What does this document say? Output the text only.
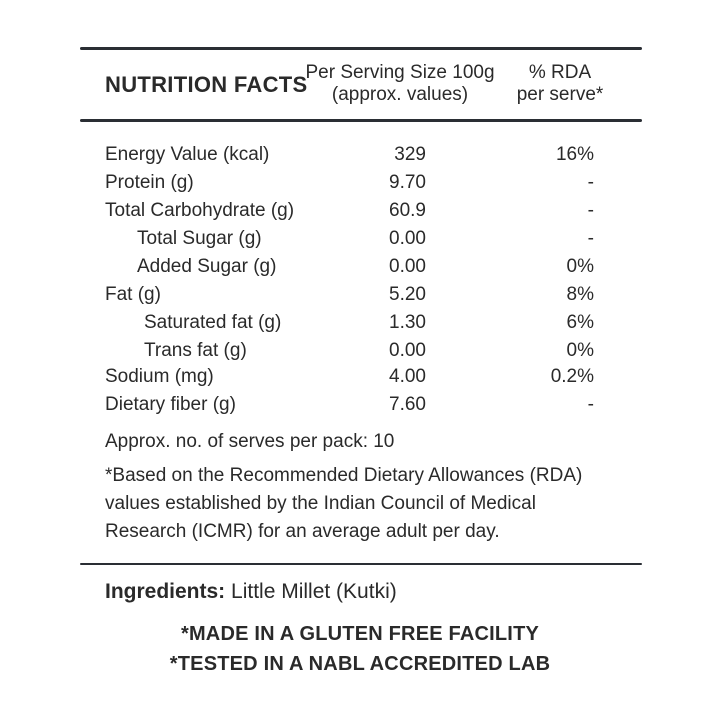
NUTRITION FACTS
Per Serving Size 100g
(approx. values)
% RDA
per serve*
Energy Value (kcal)	329	16%
Protein (g)	9.70	-
Total Carbohydrate (g)	60.9	-
Total Sugar (g)	0.00	-
Added Sugar (g)	0.00	0%
Fat (g)	5.20	8%
Saturated fat (g)	1.30	6%
Trans fat (g)	0.00	0%
Sodium (mg)	4.00	0.2%
Dietary fiber (g)	7.60	-
Approx. no. of serves per pack: 10
*Based on the Recommended Dietary Allowances (RDA)
values established by the Indian Council of Medical
Research (ICMR) for an average adult per day.
Ingredients: Little Millet (Kutki)
*MADE IN A GLUTEN FREE FACILITY
*TESTED IN A NABL ACCREDITED LAB
